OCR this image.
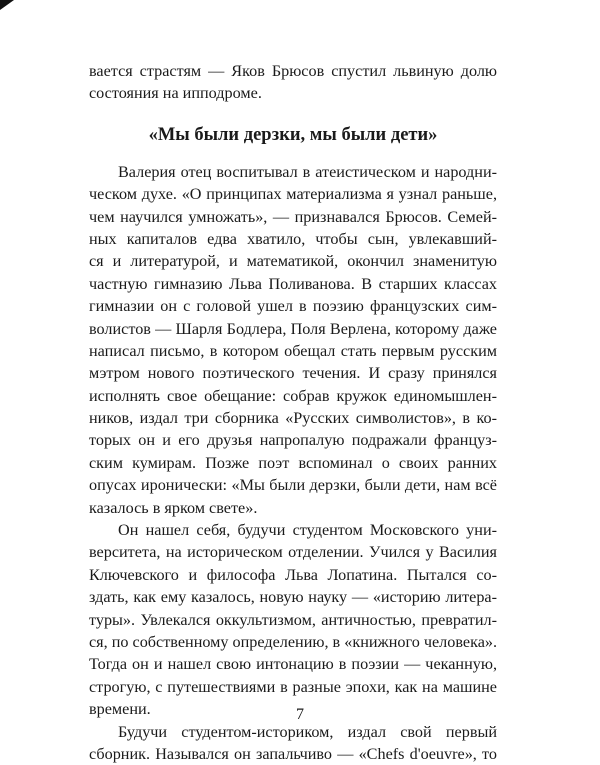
вается страстям — Яков Брюсов спустил львиную долю
состояния на ипподроме.
«Мы были дерзки, мы были дети»
Валерия отец воспитывал в атеистическом и народни-
ческом духе. «О принципах материализма я узнал раньше,
чем научился умножать», — признавался Брюсов. Семей-
ных капиталов едва хватило, чтобы сын, увлекавший-
ся и литературой, и математикой, окончил знаменитую
частную гимназию Льва Поливанова. В старших классах
гимназии он с головой ушел в поэзию французских сим-
волистов — Шарля Бодлера, Поля Верлена, которому даже
написал письмо, в котором обещал стать первым русским
мэтром нового поэтического течения. И сразу принялся
исполнять свое обещание: собрав кружок единомышлен-
ников, издал три сборника «Русских символистов», в ко-
торых он и его друзья напропалую подражали француз-
ским кумирам. Позже поэт вспоминал о своих ранних
опусах иронически: «Мы были дерзки, были дети, нам всё
казалось в ярком свете».
Он нашел себя, будучи студентом Московского уни-
верситета, на историческом отделении. Учился у Василия
Ключевского и философа Льва Лопатина. Пытался со-
здать, как ему казалось, новую науку — «историю литера-
туры». Увлекался оккультизмом, античностью, превратил-
ся, по собственному определению, в «книжного человека».
Тогда он и нашел свою интонацию в поэзии — чеканную,
строгую, с путешествиями в разные эпохи, как на машине
времени.
Будучи студентом-историком, издал свой первый
сборник. Назывался он запальчиво — «Chefs d'oeuvre», то
7
